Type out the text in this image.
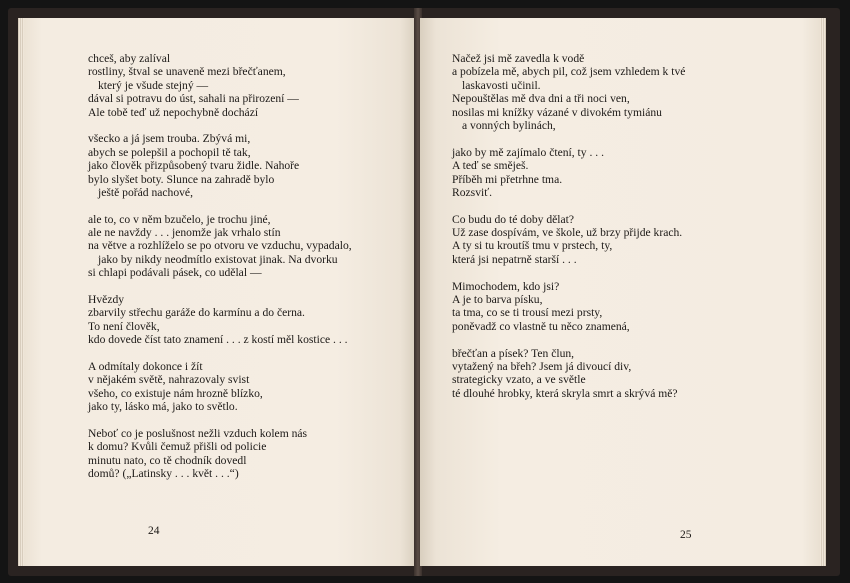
chceš, aby zalíval
rostliny, štval se unaveně mezi břečťanem,
který je všude stejný —
dával si potravu do úst, sahali na přirození —
Ale tobě teď už nepochybně dochází
všecko a já jsem trouba. Zbývá mi,
abych se polepšil a pochopil tě tak,
jako člověk přizpůsobený tvaru židle. Nahoře
bylo slyšet boty. Slunce na zahradě bylo
ještě pořád nachové,
ale to, co v něm bzučelo, je trochu jiné,
ale ne navždy . . . jenomže jak vrhalo stín
na větve a rozhlíželo se po otvoru ve vzduchu, vypadalo,
jako by nikdy neodmítlo existovat jinak. Na dvorku
si chlapi podávali pásek, co udělal —
Hvězdy
zbarvily střechu garáže do karmínu a do černa.
To není člověk,
kdo dovede číst tato znamení . . . z kostí měl kostice . . .
A odmítaly dokonce i žít
v nějakém světě, nahrazovaly svist
všeho, co existuje nám hrozně blízko,
jako ty, lásko má, jako to světlo.
Neboť co je poslušnost nežli vzduch kolem nás
k domu? Kvůli čemuž přišli od policie
minutu nato, co tě chodník dovedl
domů? („Latinsky . . . květ . . .“)
24
Načež jsi mě zavedla k vodě
a pobízela mě, abych pil, což jsem vzhledem k tvé
laskavosti učinil.
Nepouštělas mě dva dni a tři noci ven,
nosilas mi knížky vázané v divokém tymiánu
a vonných bylinách,
jako by mě zajímalo čtení, ty . . .
A teď se směješ.
Příběh mi přetrhne tma.
Rozsviť.
Co budu do té doby dělat?
Už zase dospívám, ve škole, už brzy přijde krach.
A ty si tu kroutíš tmu v prstech, ty,
která jsi nepatrně starší . . .
Mimochodem, kdo jsi?
A je to barva písku,
ta tma, co se ti trousí mezi prsty,
poněvadž co vlastně tu něco znamená,
břečťan a písek? Ten člun,
vytažený na břeh? Jsem já divoucí div,
strategicky vzato, a ve světle
té dlouhé hrobky, která skryla smrt a skrývá mě?
25
